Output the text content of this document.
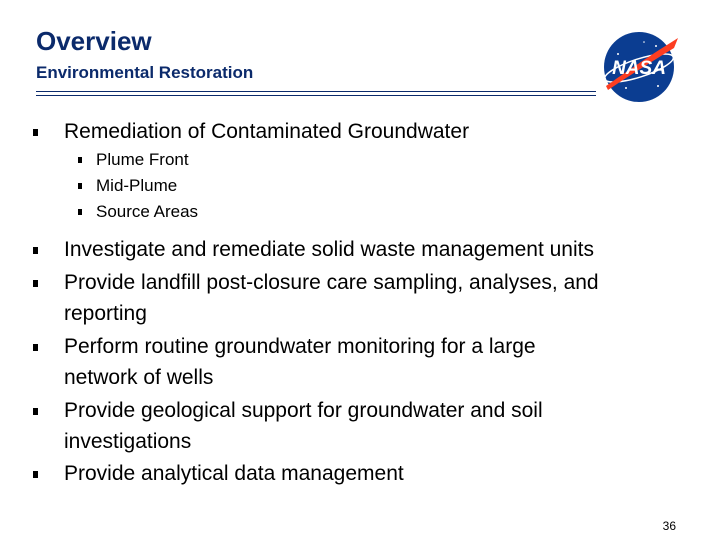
Overview
Environmental Restoration	NASA
Remediation of Contaminated Groundwater
Plume Front
Mid-Plume
Source Areas
Investigate and remediate solid waste management units
Provide landfill post-closure care sampling, analyses, and
reporting
Perform routine groundwater monitoring for a large
network of wells
Provide geological support for groundwater and soil
investigations
Provide analytical data management
36
